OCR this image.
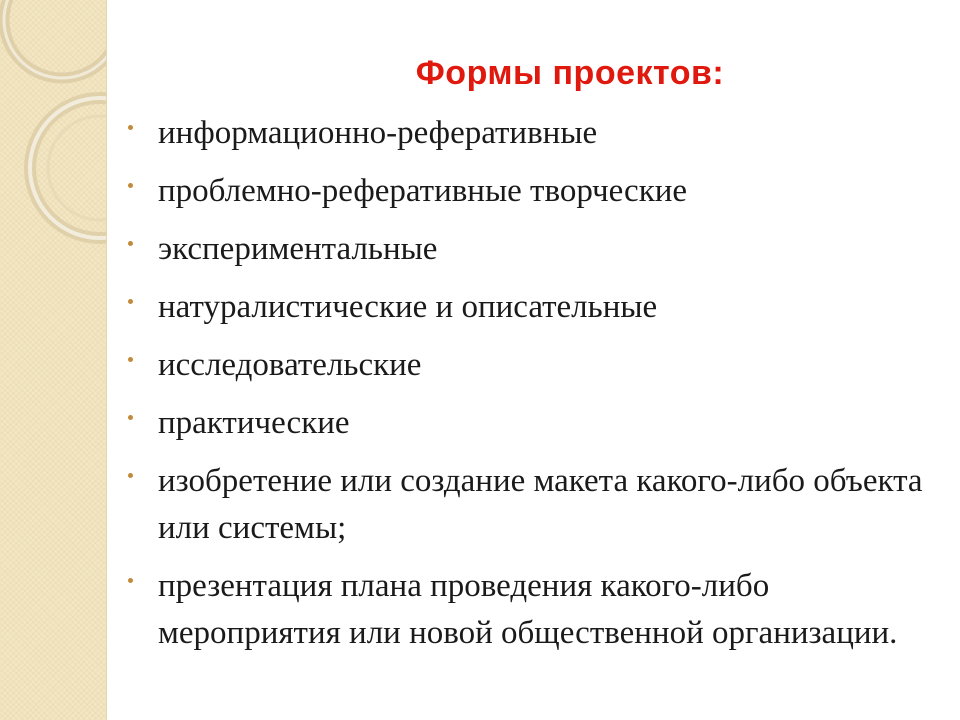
Формы проектов:
информационно-реферативные
проблемно-реферативные творческие
экспериментальные
натуралистические и описательные
исследовательские
практические
изобретение или создание макета какого-либо объекта или системы;
презентация плана проведения какого-либо мероприятия или новой общественной организации.
